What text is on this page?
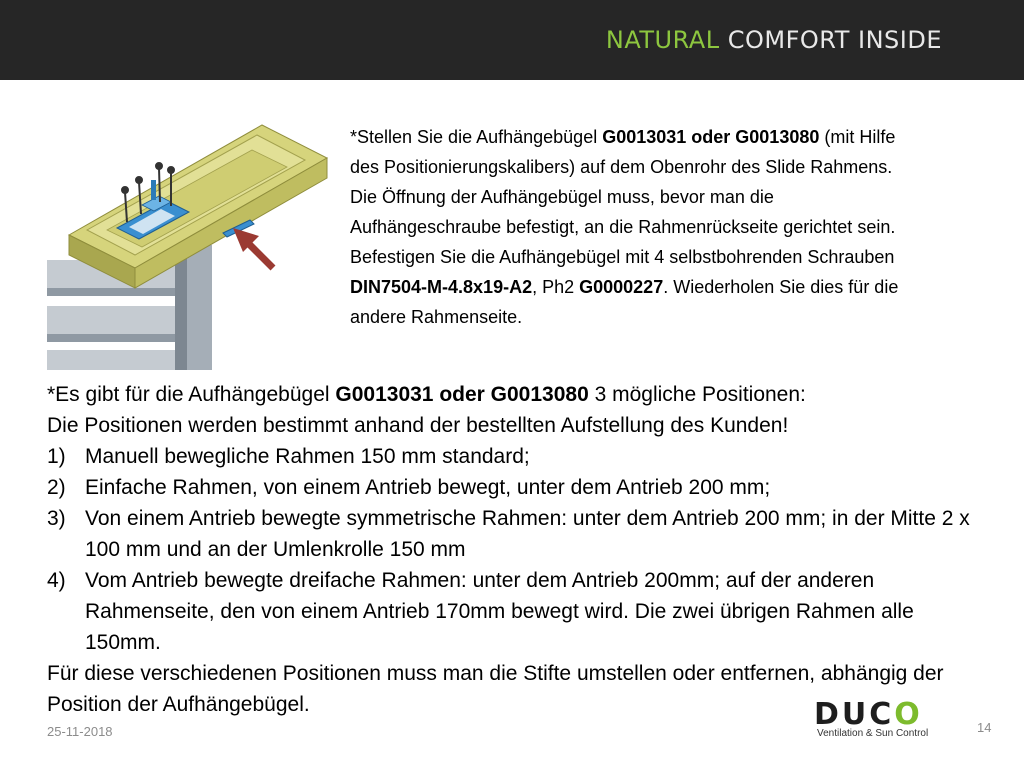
NATURAL COMFORT INSIDE

*Stellen Sie die Aufhängebügel G0013031 oder G0013080 (mit Hilfe des Positionierungskalibers) auf dem Obenrohr des Slide Rahmens. Die Öffnung der Aufhängebügel muss, bevor man die Aufhängeschraube befestigt, an die Rahmenrückseite gerichtet sein. Befestigen Sie die Aufhängebügel mit 4 selbstbohrenden Schrauben DIN7504-M-4.8x19-A2, Ph2 G0000227. Wiederholen Sie dies für die andere Rahmenseite.

*Es gibt für die Aufhängebügel G0013031 oder G0013080 3 mögliche Positionen:

Die Positionen werden bestimmt anhand der bestellten Aufstellung des Kunden!

1) Manuell bewegliche Rahmen 150 mm standard;
2) Einfache Rahmen, von einem Antrieb bewegt, unter dem Antrieb 200 mm;
3) Von einem Antrieb bewegte symmetrische Rahmen: unter dem Antrieb 200 mm; in der Mitte 2 x 100 mm und an der Umlenkrolle 150 mm
4) Vom Antrieb bewegte dreifache Rahmen: unter dem Antrieb 200mm; auf der anderen Rahmenseite, den von einem Antrieb 170mm bewegt wird. Die zwei übrigen Rahmen alle 150mm.

Für diese verschiedenen Positionen muss man die Stifte umstellen oder entfernen, abhängig der Position der Aufhängebügel.

25-11-2018	DUCO
Ventilation & Sun Control	14
